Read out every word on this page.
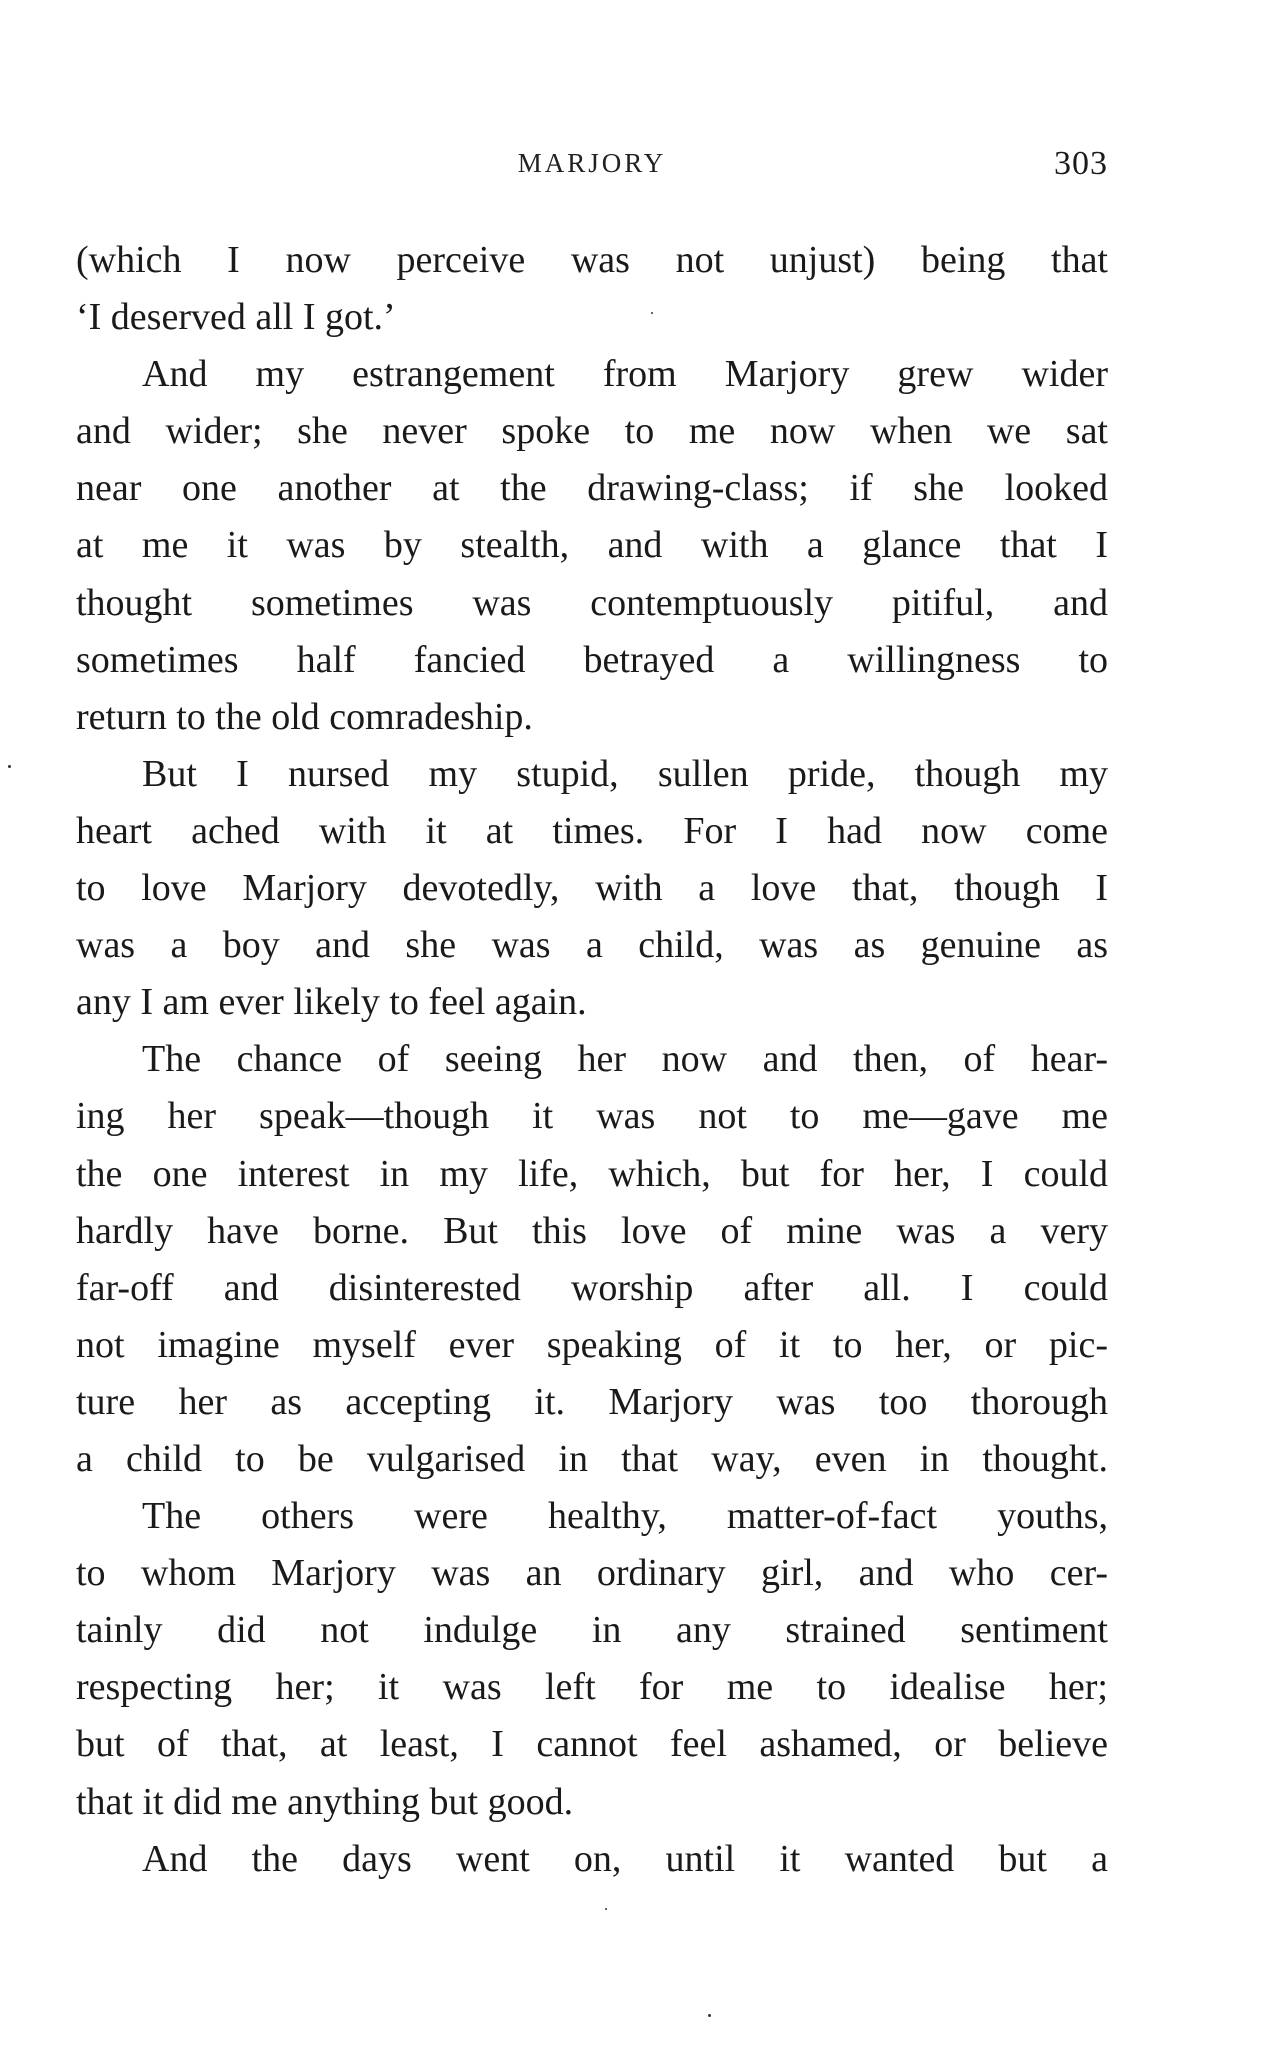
MARJORY	303
(which I now perceive was not unjust) being that
‘I deserved all I got.’
And my estrangement from Marjory grew wider
and wider; she never spoke to me now when we sat
near one another at the drawing-class; if she looked
at me it was by stealth, and with a glance that I
thought sometimes was contemptuously pitiful, and
sometimes half fancied betrayed a willingness to
return to the old comradeship.
But I nursed my stupid, sullen pride, though my
heart ached with it at times. For I had now come
to love Marjory devotedly, with a love that, though I
was a boy and she was a child, was as genuine as
any I am ever likely to feel again.
The chance of seeing her now and then, of hear-
ing her speak—though it was not to me—gave me
the one interest in my life, which, but for her, I could
hardly have borne. But this love of mine was a very
far-off and disinterested worship after all. I could
not imagine myself ever speaking of it to her, or pic-
ture her as accepting it. Marjory was too thorough
a child to be vulgarised in that way, even in thought.
The others were healthy, matter-of-fact youths,
to whom Marjory was an ordinary girl, and who cer-
tainly did not indulge in any strained sentiment
respecting her; it was left for me to idealise her;
but of that, at least, I cannot feel ashamed, or believe
that it did me anything but good.
And the days went on, until it wanted but a
